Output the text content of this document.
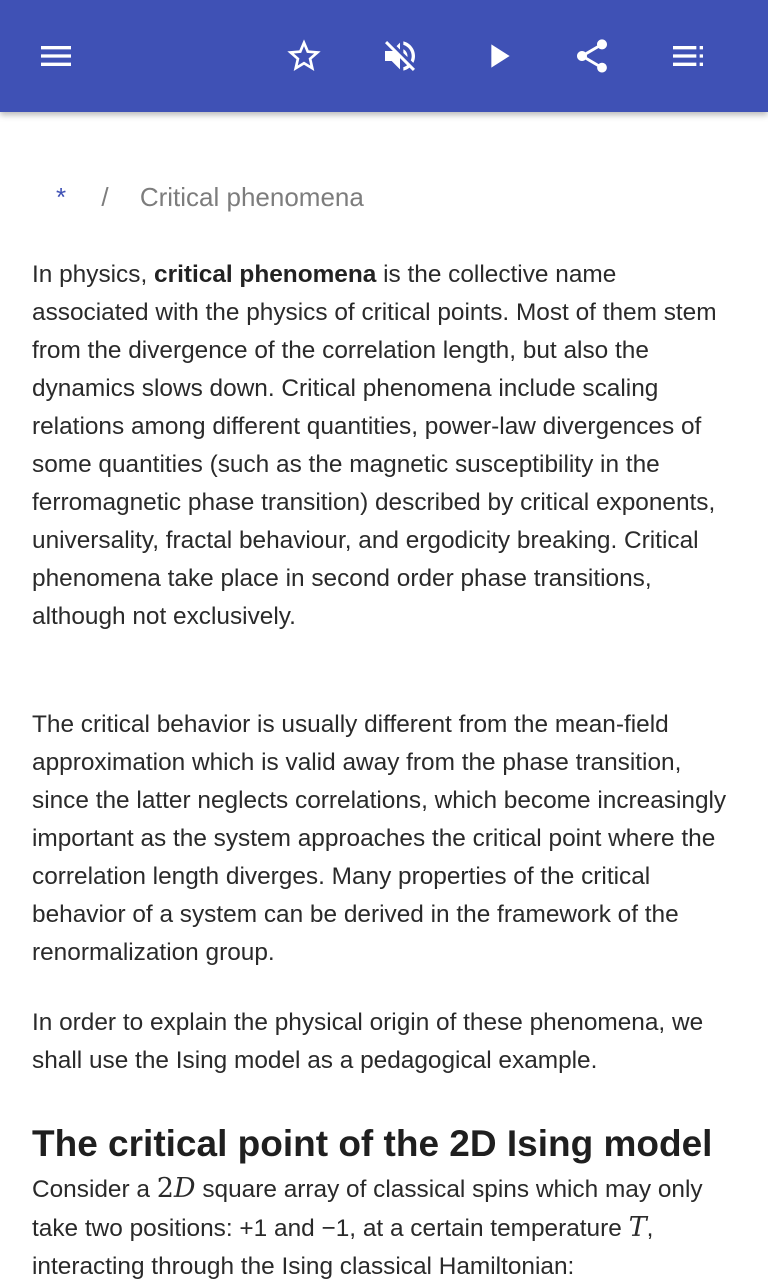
* / Critical phenomena

In physics, critical phenomena is the collective name associated with the physics of critical points. Most of them stem from the divergence of the correlation length, but also the dynamics slows down. Critical phenomena include scaling relations among different quantities, power-law divergences of some quantities (such as the magnetic susceptibility in the ferromagnetic phase transition) described by critical exponents, universality, fractal behaviour, and ergodicity breaking. Critical phenomena take place in second order phase transitions, although not exclusively.

The critical behavior is usually different from the mean-field approximation which is valid away from the phase transition, since the latter neglects correlations, which become increasingly important as the system approaches the critical point where the correlation length diverges. Many properties of the critical behavior of a system can be derived in the framework of the renormalization group.

In order to explain the physical origin of these phenomena, we shall use the Ising model as a pedagogical example.

The critical point of the 2D Ising model

Consider a 2D square array of classical spins which may only take two positions: +1 and −1, at a certain temperature T, interacting through the Ising classical Hamiltonian:
